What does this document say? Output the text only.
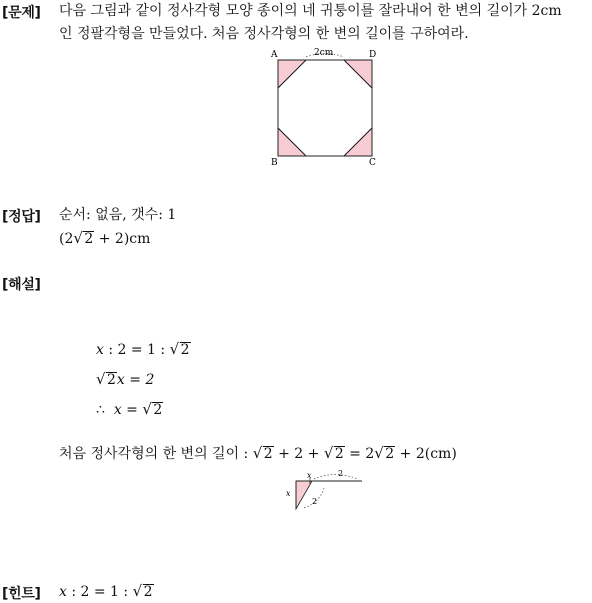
[문제] 다음 그림과 같이 정사각형 모양 종이의 네 귀퉁이를 잘라내어 한 변의 길이가 2cm
인 정팔각형을 만들었다. 처음 정사각형의 한 변의 길이를 구하여라.
A	D
B	C
2cm
[정답] 순서: 없음, 갯수: 1
(2 √ 2 + 2)cm
[해설]
x : 2 = 1 : √ 2
√ 2x = 2
∴ x = √ 2
처음 정사각형의 한 변의 길이 : √ 2 + 2 + √ 2 = 2 √ 2 + 2(cm)
x
x
2
2
[힌트] x : 2 = 1 : √ 2
